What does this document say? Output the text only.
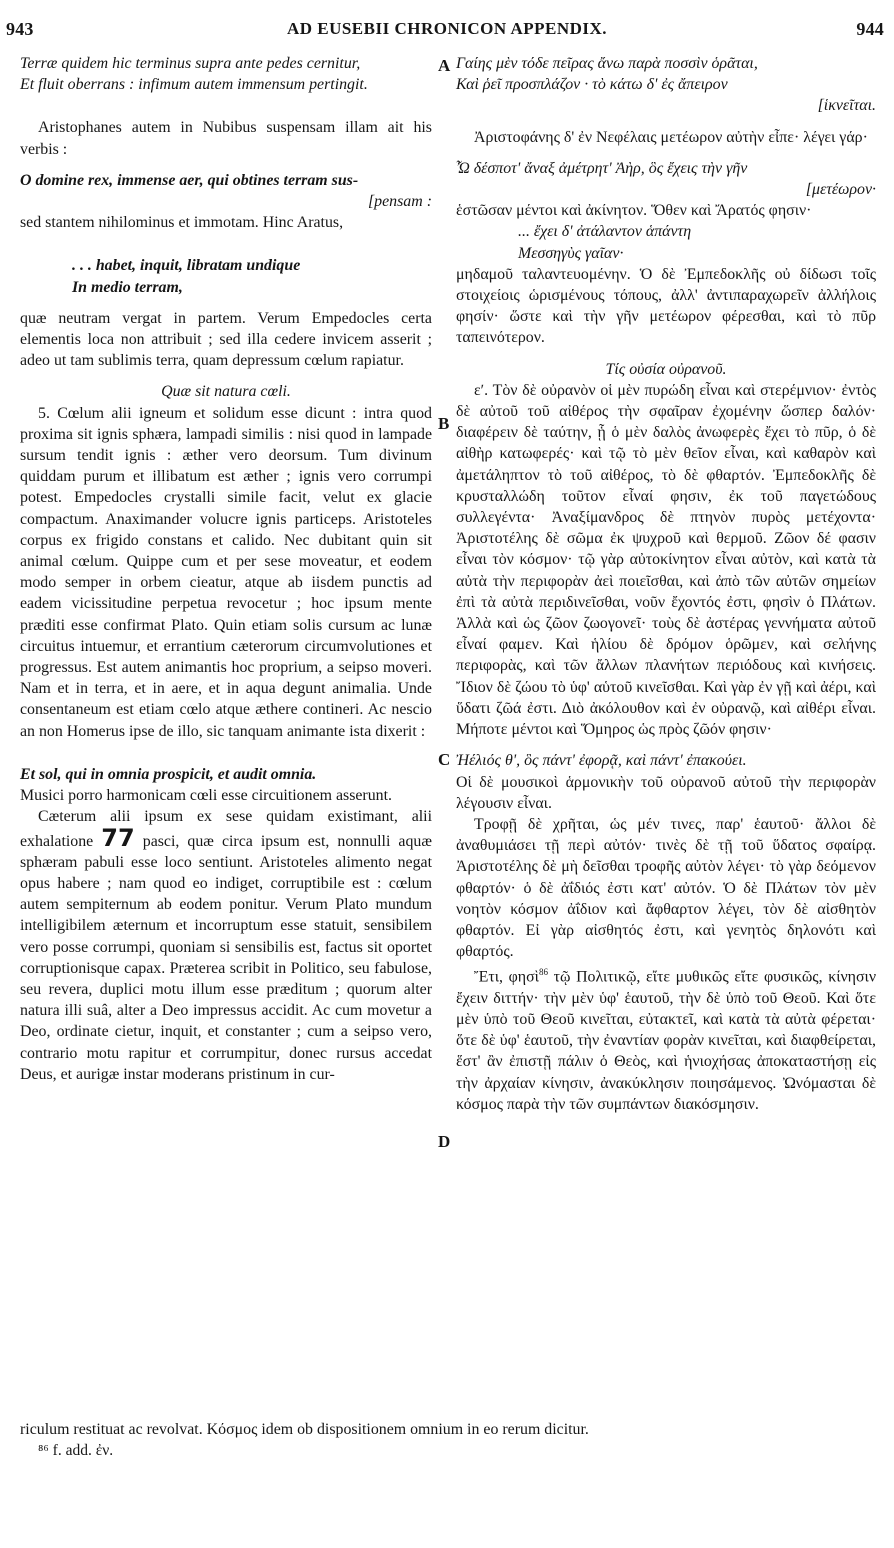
943	AD EUSEBII CHRONICON APPENDIX.	944
A
B
C
D

Terræ quidem hic terminus supra ante pedes cernitur,

Et fluit oberrans : infimum autem immensum pertingit.

Aristophanes autem in Nubibus suspensam illam ait his verbis :

O domine rex, immense aer, qui obtines terram sus-

[pensam :

sed stantem nihilominus et immotam. Hinc Aratus,

. . . habet, inquit, libratam undique

In medio terram,

quæ neutram vergat in partem. Verum Empedocles certa elementis loca non attribuit ; sed illa cedere invicem asserit ; adeo ut tam sublimis terra, quam depressum cœlum rapiatur.

Quæ sit natura cœli.

5. Cœlum alii igneum et solidum esse dicunt : intra quod proxima sit ignis sphæra, lampadi similis : nisi quod in lampade sursum tendit ignis : æther vero deorsum. Tum divinum quiddam purum et illibatum est æther ; ignis vero corrumpi potest. Empedocles crystalli simile facit, velut ex glacie compactum. Anaximander volucre ignis particeps. Aristoteles corpus ex frigido constans et calido. Nec dubitant quin sit animal cœlum. Quippe cum et per sese moveatur, et eodem modo semper in orbem cieatur, atque ab iisdem punctis ad eadem vicissitudine perpetua revocetur ; hoc ipsum mente præditi esse confirmat Plato. Quin etiam solis cursum ac lunæ circuitus intuemur, et errantium cæterorum circumvolutiones et progressus. Est autem animantis hoc proprium, a seipso moveri. Nam et in terra, et in aere, et in aqua degunt animalia. Unde consentaneum est etiam cœlo atque æthere contineri. Ac nescio an non Homerus ipse de illo, sic tanquam animante ista dixerit :

Et sol, qui in omnia prospicit, et audit omnia.

Musici porro harmonicam cœli esse circuitionem asserunt.

Cæterum alii ipsum ex sese quidam existimant, alii exhalatione 77 pasci, quæ circa ipsum est, nonnulli aquæ sphæram pabuli esse loco sentiunt. Aristoteles alimento negat opus habere ; nam quod eo indiget, corruptibile est : cœlum autem sempiternum ab eodem ponitur. Verum Plato mundum intelligibilem æternum et incorruptum esse statuit, sensibilem vero posse corrumpi, quoniam si sensibilis est, factus sit oportet corruptionisque capax. Præterea scribit in Politico, seu fabulose, seu revera, duplici motu illum esse præditum ; quorum alter natura illi suâ, alter a Deo impressus accidit. Ac cum movetur a Deo, ordinate cietur, inquit, et constanter ; cum a seipso vero, contrario motu rapitur et corrumpitur, donec rursus accedat Deus, et aurigæ instar moderans pristinum in cur-

Γαίης μὲν τόδε πεῖρας ἄνω παρὰ ποσσὶν ὁρᾶται,

Καὶ ῥεῖ προσπλάζον · τὸ κάτω δ' ἐς ἄπειρον

[ἱκνεῖται.

Ἀριστοφάνης δ' ἐν Νεφέλαις μετέωρον αὐτὴν εἶπε· λέγει γάρ·

Ὦ δέσποτ' ἄναξ ἀμέτρητ' Ἀὴρ, ὃς ἔχεις τὴν γῆν

[μετέωρον·

ἑστῶσαν μέντοι καὶ ἀκίνητον. Ὅθεν καὶ Ἄρατός φησιν·

... ἔχει δ' ἀτάλαντον ἁπάντη

Μεσσηγὺς γαῖαν·

μηδαμοῦ ταλαντευομένην. Ὁ δὲ Ἐμπεδοκλῆς οὐ δίδωσι τοῖς στοιχείοις ὡρισμένους τόπους, ἀλλ' ἀντιπαραχωρεῖν ἀλλήλοις φησίν· ὥστε καὶ τὴν γῆν μετέωρον φέρεσθαι, καὶ τὸ πῦρ ταπεινότερον.

Τίς οὐσία οὐρανοῦ.

εʹ. Τὸν δὲ οὐρανὸν οἱ μὲν πυρώδη εἶναι καὶ στερέμνιον· ἐντὸς δὲ αὐτοῦ τοῦ αἰθέρος τὴν σφαῖραν ἐχομένην ὥσπερ δαλόν· διαφέρειν δὲ ταύτην, ᾗ ὁ μὲν δαλὸς ἀνωφερὲς ἔχει τὸ πῦρ, ὁ δὲ αἰθὴρ κατωφερές· καὶ τῷ τὸ μὲν θεῖον εἶναι, καὶ καθαρὸν καὶ ἀμετάληπτον τὸ τοῦ αἰθέρος, τὸ δὲ φθαρτόν. Ἐμπεδοκλῆς δὲ κρυσταλλώδη τοῦτον εἶναί φησιν, ἐκ τοῦ παγετώδους συλλεγέντα· Ἀναξίμανδρος δὲ πτηνὸν πυρὸς μετέχοντα· Ἀριστοτέλης δὲ σῶμα ἐκ ψυχροῦ καὶ θερμοῦ. Ζῶον δέ φασιν εἶναι τὸν κόσμον· τῷ γὰρ αὐτοκίνητον εἶναι αὐτὸν, καὶ κατὰ τὰ αὐτὰ τὴν περιφορὰν ἀεὶ ποιεῖσθαι, καὶ ἀπὸ τῶν αὐτῶν σημείων ἐπὶ τὰ αὐτὰ περιδινεῖσθαι, νοῦν ἔχοντός ἐστι, φησὶν ὁ Πλάτων. Ἀλλὰ καὶ ὡς ζῶον ζωογονεῖ· τοὺς δὲ ἀστέρας γεννήματα αὐτοῦ εἶναί φαμεν. Καὶ ἡλίου δὲ δρόμον ὁρῶμεν, καὶ σελήνης περιφορὰς, καὶ τῶν ἄλλων πλανήτων περιόδους καὶ κινήσεις. Ἴδιον δὲ ζώου τὸ ὑφ' αὑτοῦ κινεῖσθαι. Καὶ γὰρ ἐν γῇ καὶ ἀέρι, καὶ ὕδατι ζῶά ἐστι. Διὸ ἀκόλουθον καὶ ἐν οὐρανῷ, καὶ αἰθέρι εἶναι. Μήποτε μέντοι καὶ Ὅμηρος ὡς πρὸς ζῶόν φησιν·

Ἠέλιός θ', ὃς πάντ' ἐφορᾷ, καὶ πάντ' ἐπακούει.

Οἱ δὲ μουσικοὶ ἁρμονικὴν τοῦ οὐρανοῦ αὐτοῦ τὴν περιφορὰν λέγουσιν εἶναι.

Τροφῇ δὲ χρῆται, ὡς μέν τινες, παρ' ἑαυτοῦ· ἄλλοι δὲ ἀναθυμιάσει τῇ περὶ αὐτόν· τινὲς δὲ τῇ τοῦ ὕδατος σφαίρᾳ. Ἀριστοτέλης δὲ μὴ δεῖσθαι τροφῆς αὐτὸν λέγει· τὸ γὰρ δεόμενον φθαρτόν· ὁ δὲ ἀΐδιός ἐστι κατ' αὐτόν. Ὁ δὲ Πλάτων τὸν μὲν νοητὸν κόσμον ἀΐδιον καὶ ἄφθαρτον λέγει, τὸν δὲ αἰσθητὸν φθαρτόν. Εἰ γὰρ αἰσθητός ἐστι, καὶ γενητὸς δηλονότι καὶ φθαρτός.

Ἔτι, φησὶ$^{86}$ τῷ Πολιτικῷ, εἴτε μυθικῶς εἴτε φυσικῶς, κίνησιν ἔχειν διττήν· τὴν μὲν ὑφ' ἑαυτοῦ, τὴν δὲ ὑπὸ τοῦ Θεοῦ. Καὶ ὅτε μὲν ὑπὸ τοῦ Θεοῦ κινεῖται, εὐτακτεῖ, καὶ κατὰ τὰ αὐτὰ φέρεται· ὅτε δὲ ὑφ' ἑαυτοῦ, τὴν ἐναντίαν φορὰν κινεῖται, καὶ διαφθείρεται, ἕστ' ἂν ἐπιστῇ πάλιν ὁ Θεὸς, καὶ ἡνιοχήσας ἀποκαταστήσῃ εἰς τὴν ἀρχαίαν κίνησιν, ἀνακύκλησιν ποιησάμενος. Ὠνόμασται δὲ κόσμος παρὰ τὴν τῶν συμπάντων διακόσμησιν.

riculum restituat ac revolvat. Κόσμος idem ob dispositionem omnium in eo rerum dicitur.
⁸⁶ f. add. ἐν.
